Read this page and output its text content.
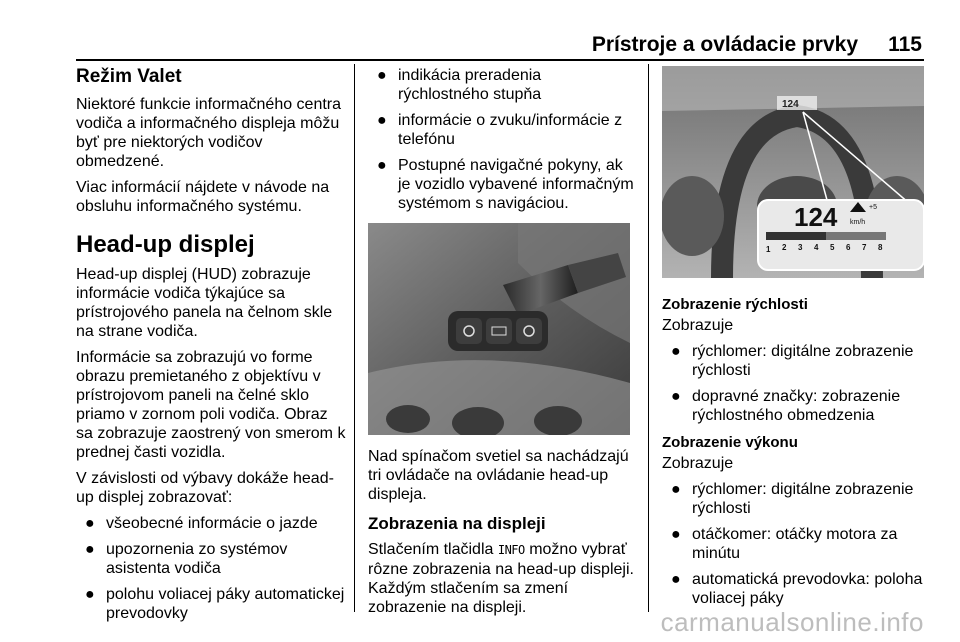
Prístroje a ovládacie prvky 115
Režim Valet

Niektoré funkcie informačného centra vodiča a informačného displeja môžu byť pre niektorých vodičov obmedzené.

Viac informácií nájdete v návode na obsluhu informačného systému.

Head-up displej

Head-up displej (HUD) zobrazuje informácie vodiča týkajúce sa prístrojového panela na čelnom skle na strane vodiča.

Informácie sa zobrazujú vo forme obrazu premietaného z objektívu v prístrojovom paneli na čelné sklo priamo v zornom poli vodiča. Obraz sa zobrazuje zaostrený von smerom k prednej časti vozidla.

V závislosti od výbavy dokáže head-up displej zobrazovať:

● všeobecné informácie o jazde
● upozornenia zo systémov asistenta vodiča
● polohu voliacej páky automatickej prevodovky
● indikácia preradenia rýchlostného stupňa
● informácie o zvuku/informácie z telefónu
● Postupné navigačné pokyny, ak je vozidlo vybavené informačným systémom s navigáciou.

Nad spínačom svetiel sa nachádzajú tri ovládače na ovládanie head-up displeja.

Zobrazenia na displeji

Stlačením tlačidla INFO možno vybrať rôzne zobrazenia na head-up displeji. Každým stlačením sa zmení zobrazenie na displeji.

124
124	+5
km/h
1 2 3 4 5 6 7 8
Zobrazenie rýchlosti

Zobrazuje

● rýchlomer: digitálne zobrazenie rýchlosti
● dopravné značky: zobrazenie rýchlostného obmedzenia
Zobrazenie výkonu

Zobrazuje

● rýchlomer: digitálne zobrazenie rýchlosti
● otáčkomer: otáčky motora za minútu
● automatická prevodovka: poloha voliacej páky
carmanualsonline.info
